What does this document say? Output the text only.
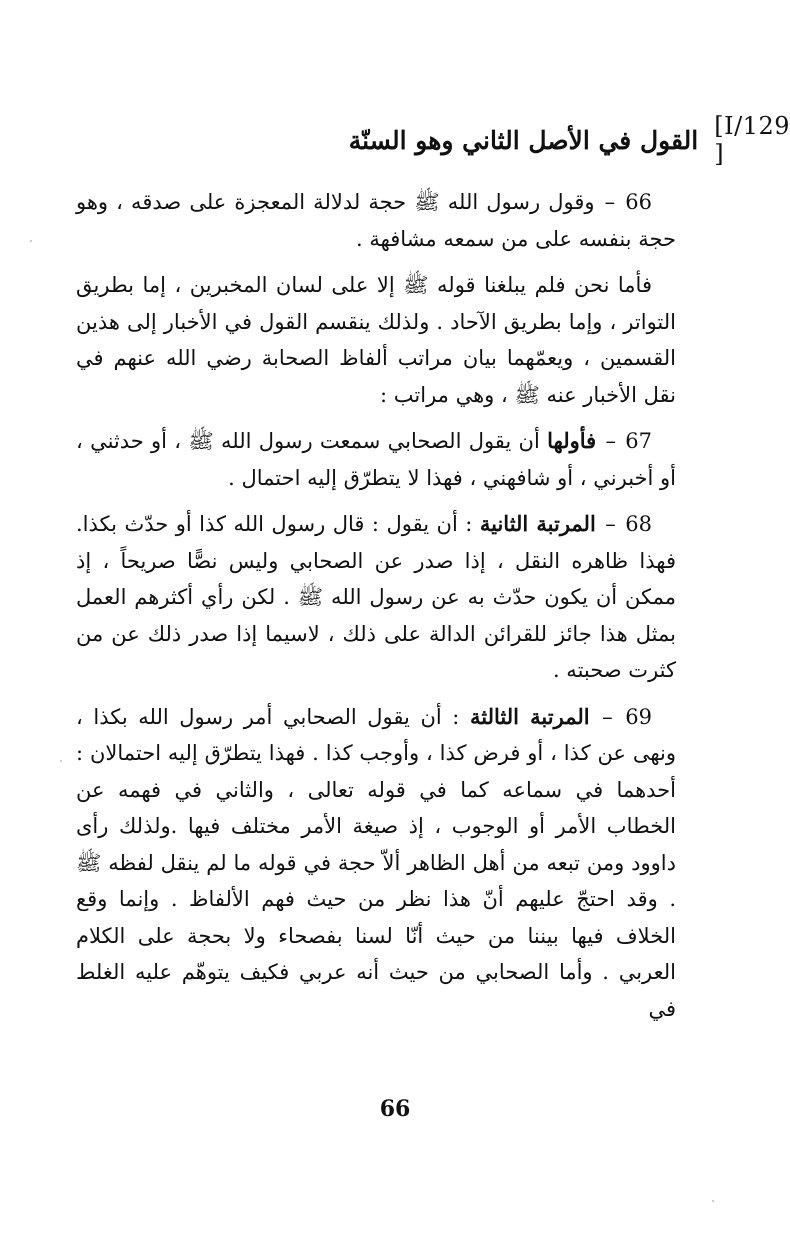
[I/129 ]
القول في الأصل الثاني وهو السنّة

66 – وقول رسول الله ﷺ حجة لدلالة المعجزة على صدقه ، وهو حجة بنفسه على من سمعه مشافهة .

فأما نحن فلم يبلغنا قوله ﷺ إلا على لسان المخبرين ، إما بطريق التواتر ، وإما بطريق الآحاد . ولذلك ينقسم القول في الأخبار إلى هذين القسمين ، ويعمّهما بيان مراتب ألفاظ الصحابة رضي الله عنهم في نقل الأخبار عنه ﷺ ، وهي مراتب :

67 – فأولها أن يقول الصحابي سمعت رسول الله ﷺ ، أو حدثني ، أو أخبرني ، أو شافهني ، فهذا لا يتطرّق إليه احتمال .

68 – المرتبة الثانية : أن يقول : قال رسول الله كذا أو حدّث بكذا. فهذا ظاهره النقل ، إذا صدر عن الصحابي وليس نصًّا صريحاً ، إذ ممكن أن يكون حدّث به عن رسول الله ﷺ . لكن رأي أكثرهم العمل بمثل هذا جائز للقرائن الدالة على ذلك ، لاسيما إذا صدر ذلك عن من كثرت صحبته .

69 – المرتبة الثالثة : أن يقول الصحابي أمر رسول الله بكذا ، ونهى عن كذا ، أو فرض كذا ، وأوجب كذا . فهذا يتطرّق إليه احتمالان : أحدهما في سماعه كما في قوله تعالى ، والثاني في فهمه عن الخطاب الأمر أو الوجوب ، إذ صيغة الأمر مختلف فيها .ولذلك رأى داوود ومن تبعه من أهل الظاهر ألاّ حجة في قوله ما لم ينقل لفظه ﷺ . وقد احتجّ عليهم أنّ هذا نظر من حيث فهم الألفاظ . وإنما وقع الخلاف فيها بيننا من حيث أنّا لسنا بفصحاء ولا بحجة على الكلام العربي . وأما الصحابي من حيث أنه عربي فكيف يتوهّم عليه الغلط في

66
